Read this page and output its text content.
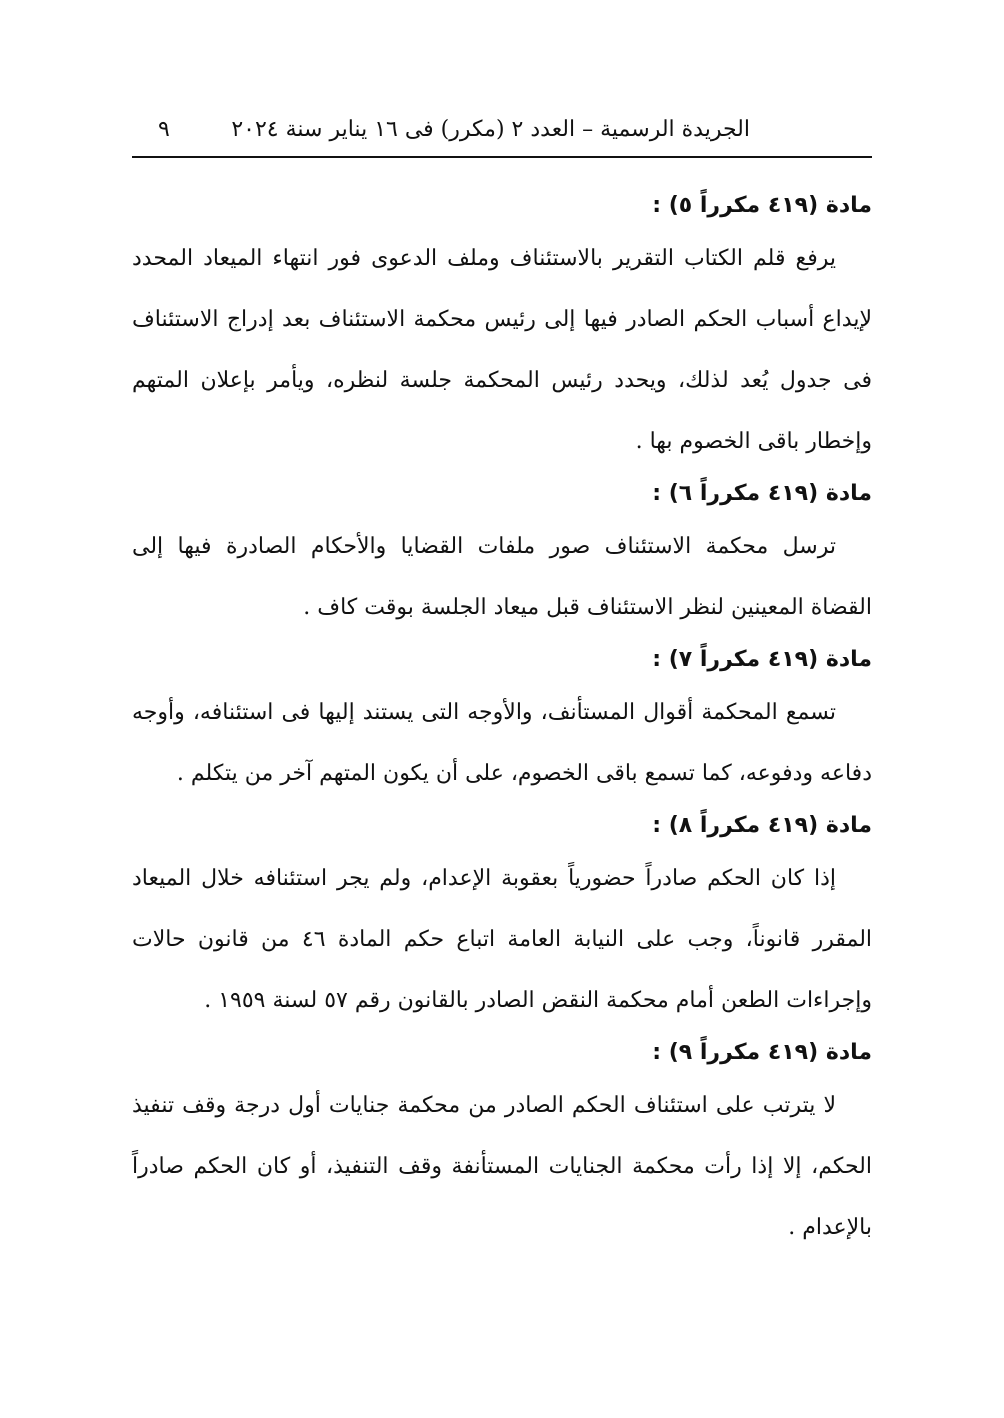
الجريدة الرسمية – العدد ٢ (مكرر) فى ١٦ يناير سنة ٢٠٢٤
٩
مادة (٤١٩ مكرراً ٥) :

يرفع قلم الكتاب التقرير بالاستئناف وملف الدعوى فور انتهاء الميعاد المحدد لإيداع أسباب الحكم الصادر فيها إلى رئيس محكمة الاستئناف بعد إدراج الاستئناف فى جدول يُعد لذلك، ويحدد رئيس المحكمة جلسة لنظره، ويأمر بإعلان المتهم وإخطار باقى الخصوم بها .

مادة (٤١٩ مكرراً ٦) :

ترسل محكمة الاستئناف صور ملفات القضايا والأحكام الصادرة فيها إلى القضاة المعينين لنظر الاستئناف قبل ميعاد الجلسة بوقت كاف .

مادة (٤١٩ مكرراً ٧) :

تسمع المحكمة أقوال المستأنف، والأوجه التى يستند إليها فى استئنافه، وأوجه دفاعه ودفوعه، كما تسمع باقى الخصوم، على أن يكون المتهم آخر من يتكلم .

مادة (٤١٩ مكرراً ٨) :

إذا كان الحكم صادراً حضورياً بعقوبة الإعدام، ولم يجر استئنافه خلال الميعاد المقرر قانوناً، وجب على النيابة العامة اتباع حكم المادة ٤٦ من قانون حالات وإجراءات الطعن أمام محكمة النقض الصادر بالقانون رقم ٥٧ لسنة ١٩٥٩ .

مادة (٤١٩ مكرراً ٩) :

لا يترتب على استئناف الحكم الصادر من محكمة جنايات أول درجة وقف تنفيذ الحكم، إلا إذا رأت محكمة الجنايات المستأنفة وقف التنفيذ، أو كان الحكم صادراً بالإعدام .
